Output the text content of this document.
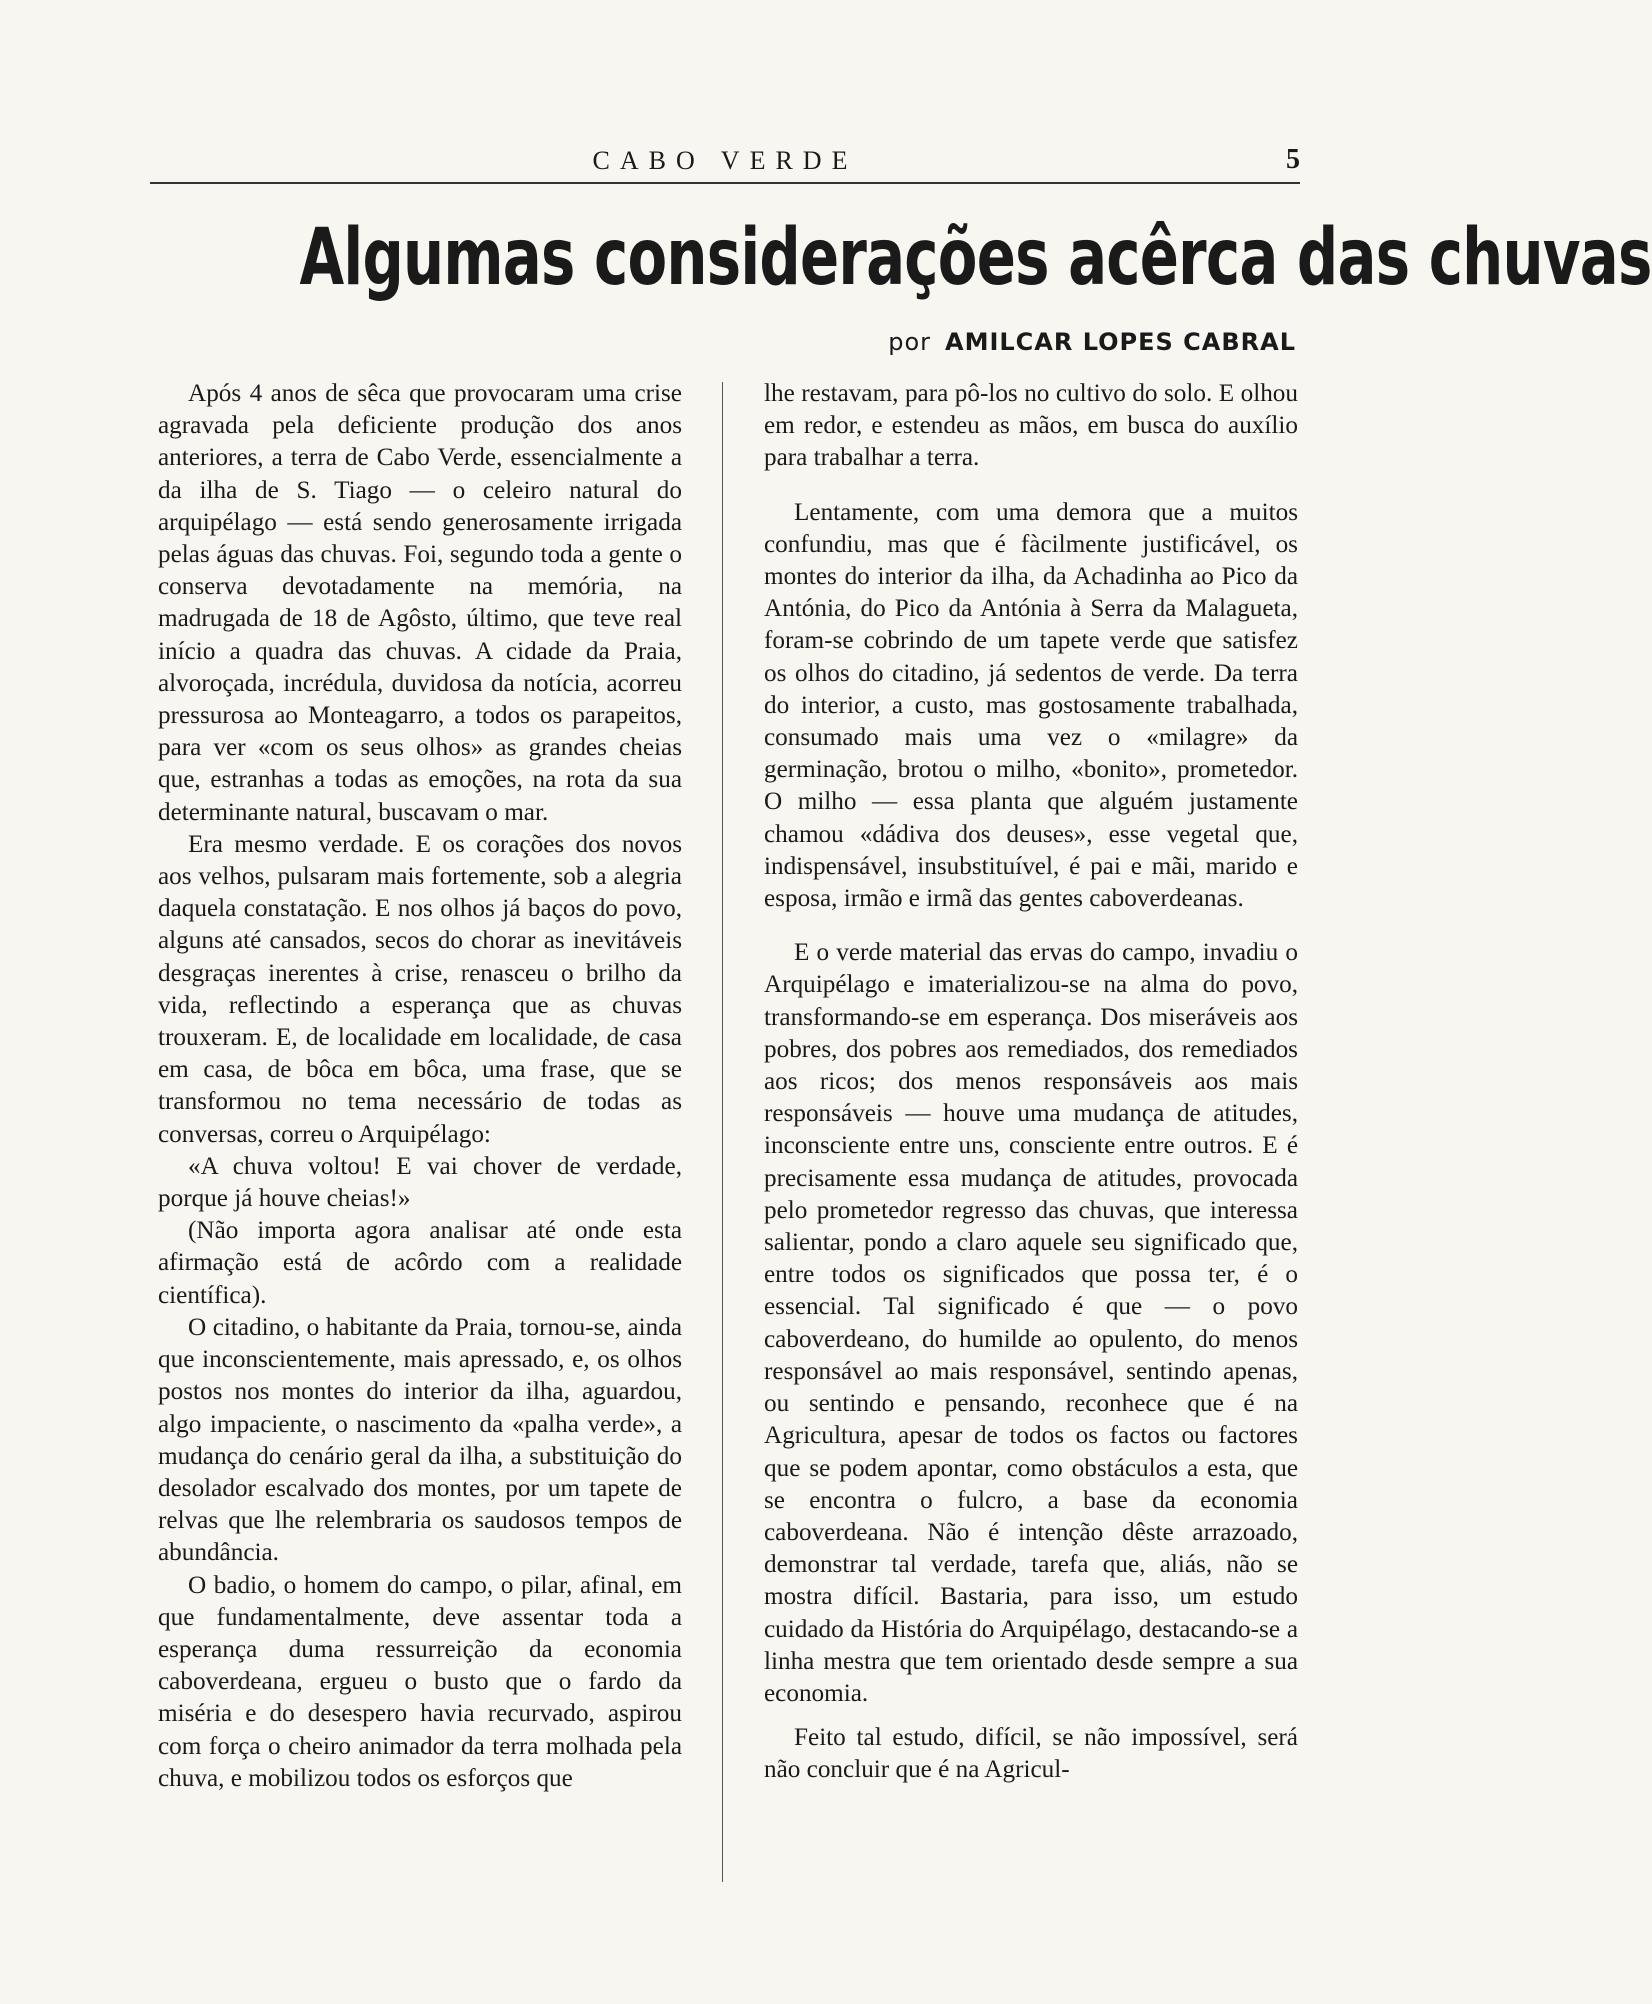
CABO VERDE	5
Algumas considerações acêrca das chuvas
por AMILCAR LOPES CABRAL

Após 4 anos de sêca que provocaram uma crise agravada pela deficiente produção dos anos anteriores, a terra de Cabo Verde, essencialmente a da ilha de S. Tiago — o celeiro natural do arquipélago — está sendo generosamente irrigada pelas águas das chuvas. Foi, segundo toda a gente o conserva devotadamente na memória, na madrugada de 18 de Agôsto, último, que teve real início a quadra das chuvas. A cidade da Praia, alvoroçada, incrédula, duvidosa da notícia, acorreu pressurosa ao Monteagarro, a todos os parapeitos, para ver «com os seus olhos» as grandes cheias que, estranhas a todas as emoções, na rota da sua determinante natural, buscavam o mar.

Era mesmo verdade. E os corações dos novos aos velhos, pulsaram mais fortemente, sob a alegria daquela constatação. E nos olhos já baços do povo, alguns até cansados, secos do chorar as inevitáveis desgraças inerentes à crise, renasceu o brilho da vida, reflectindo a esperança que as chuvas trouxeram. E, de localidade em localidade, de casa em casa, de bôca em bôca, uma frase, que se transformou no tema necessário de todas as conversas, correu o Arquipélago:

«A chuva voltou! E vai chover de verdade, porque já houve cheias!»

(Não importa agora analisar até onde esta afirmação está de acôrdo com a realidade científica).

O citadino, o habitante da Praia, tornou-se, ainda que inconscientemente, mais apressado, e, os olhos postos nos montes do interior da ilha, aguardou, algo impaciente, o nascimento da «palha verde», a mudança do cenário geral da ilha, a substituição do desolador escalvado dos montes, por um tapete de relvas que lhe relembraria os saudosos tempos de abundância.

O badio, o homem do campo, o pilar, afinal, em que fundamentalmente, deve assentar toda a esperança duma ressurreição da economia caboverdeana, ergueu o busto que o fardo da miséria e do desespero havia recurvado, aspirou com força o cheiro animador da terra molhada pela chuva, e mobilizou todos os esforços que

lhe restavam, para pô-los no cultivo do solo. E olhou em redor, e estendeu as mãos, em busca do auxílio para trabalhar a terra.

Lentamente, com uma demora que a muitos confundiu, mas que é fàcilmente justificável, os montes do interior da ilha, da Achadinha ao Pico da Antónia, do Pico da Antónia à Serra da Malagueta, foram-se cobrindo de um tapete verde que satisfez os olhos do citadino, já sedentos de verde. Da terra do interior, a custo, mas gostosamente trabalhada, consumado mais uma vez o «milagre» da germinação, brotou o milho, «bonito», prometedor. O milho — essa planta que alguém justamente chamou «dádiva dos deuses», esse vegetal que, indispensável, insubstituível, é pai e mãi, marido e esposa, irmão e irmã das gentes caboverdeanas.

E o verde material das ervas do campo, invadiu o Arquipélago e imaterializou-se na alma do povo, transformando-se em esperança. Dos miseráveis aos pobres, dos pobres aos remediados, dos remediados aos ricos; dos menos responsáveis aos mais responsáveis — houve uma mudança de atitudes, inconsciente entre uns, consciente entre outros. E é precisamente essa mudança de atitudes, provocada pelo prometedor regresso das chuvas, que interessa salientar, pondo a claro aquele seu significado que, entre todos os significados que possa ter, é o essencial. Tal significado é que — o povo caboverdeano, do humilde ao opulento, do menos responsável ao mais responsável, sentindo apenas, ou sentindo e pensando, reconhece que é na Agricultura, apesar de todos os factos ou factores que se podem apontar, como obstáculos a esta, que se encontra o fulcro, a base da economia caboverdeana. Não é intenção dêste arrazoado, demonstrar tal verdade, tarefa que, aliás, não se mostra difícil. Bastaria, para isso, um estudo cuidado da História do Arquipélago, destacando-se a linha mestra que tem orientado desde sempre a sua economia.

Feito tal estudo, difícil, se não impossível, será não concluir que é na Agricul-
